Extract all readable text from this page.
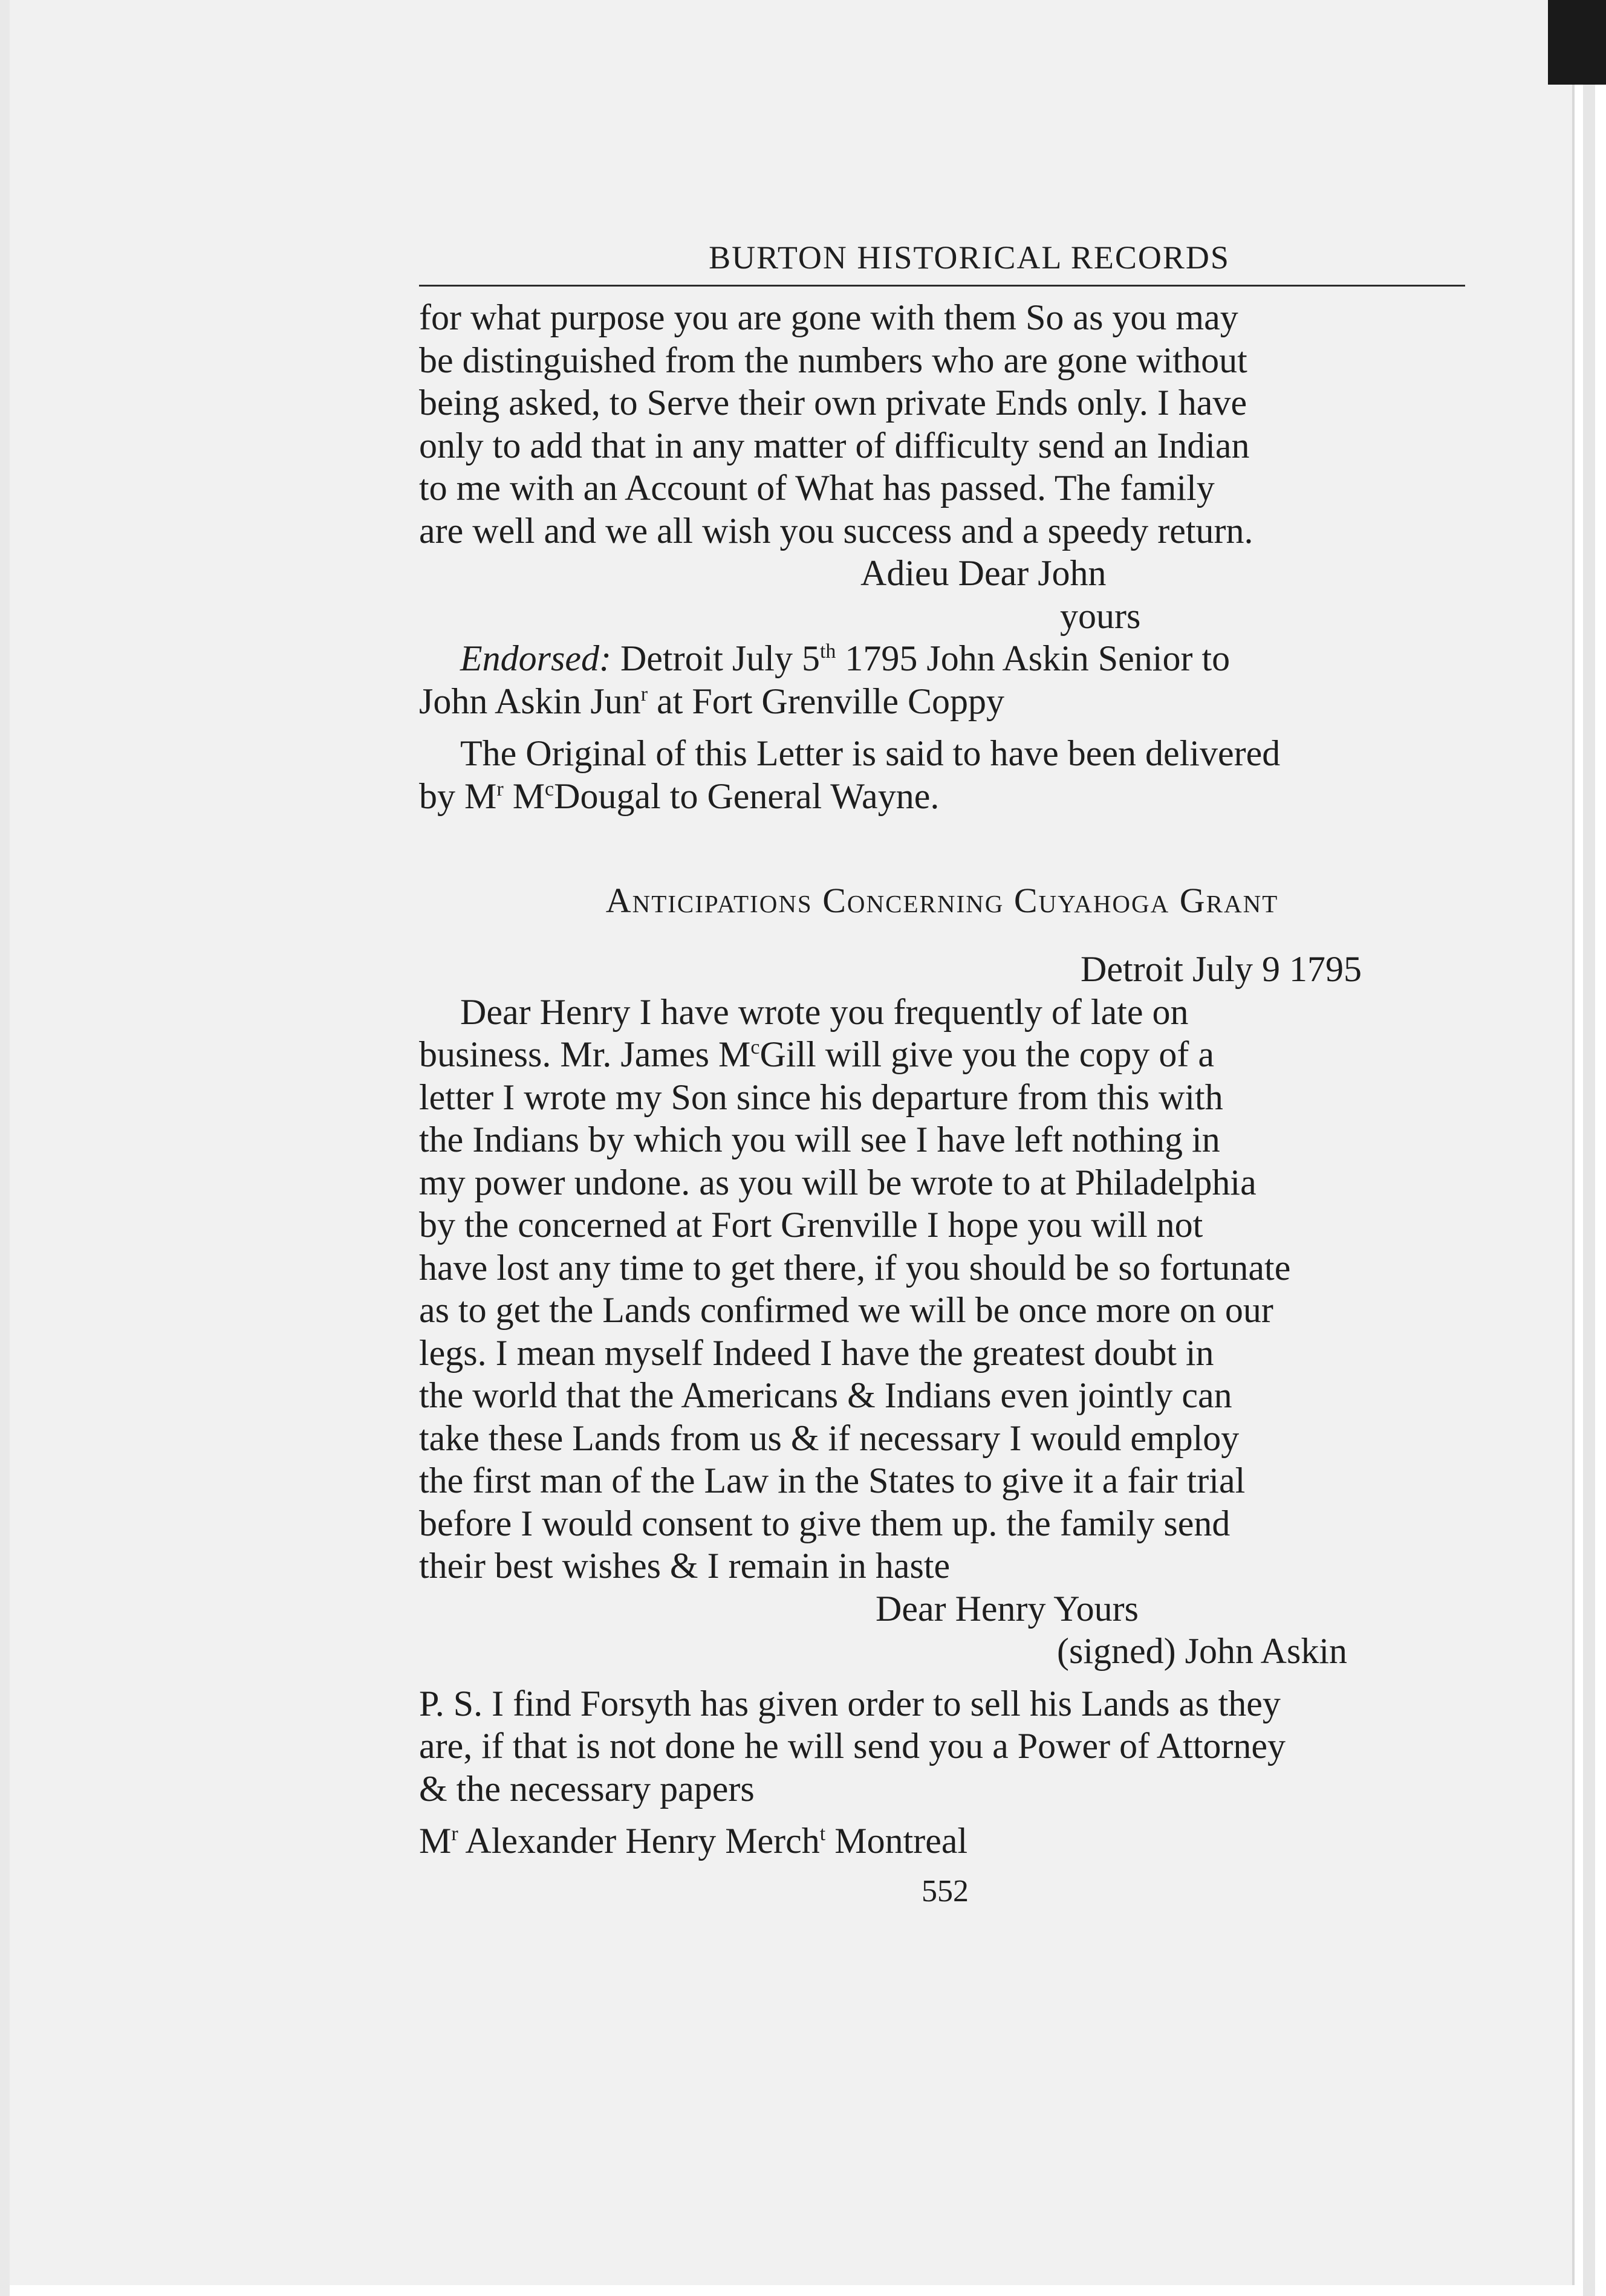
BURTON HISTORICAL RECORDS

for what purpose you are gone with them So as you may

be distinguished from the numbers who are gone without

being asked, to Serve their own private Ends only. I have

only to add that in any matter of difficulty send an Indian

to me with an Account of What has passed. The family

are well and we all wish you success and a speedy return.

Adieu Dear John

yours

Endorsed: Detroit July 5th 1795 John Askin Senior to

John Askin Jun$^r$ at Fort Grenville Coppy

The Original of this Letter is said to have been delivered

by $M^r$ $M^cDougal$ to General Wayne.

Anticipations Concerning Cuyahoga Grant

Detroit July 9 1795

Dear Henry I have wrote you frequently of late on

business. Mr. James $M^cGill$ will give you the copy of a

letter I wrote my Son since his departure from this with

the Indians by which you will see I have left nothing in

my power undone. as you will be wrote to at Philadelphia

by the concerned at Fort Grenville I hope you will not

have lost any time to get there, if you should be so fortunate

as to get the Lands confirmed we will be once more on our

legs. I mean myself Indeed I have the greatest doubt in

the world that the Americans & Indians even jointly can

take these Lands from us & if necessary I would employ

the first man of the Law in the States to give it a fair trial

before I would consent to give them up. the family send

their best wishes & I remain in haste

Dear Henry Yours

(signed) John Askin

P. S. I find Forsyth has given order to sell his Lands as they

are, if that is not done he will send you a Power of Attorney

& the necessary papers

$M^r$ Alexander Henry Merch$^t$ Montreal

552
